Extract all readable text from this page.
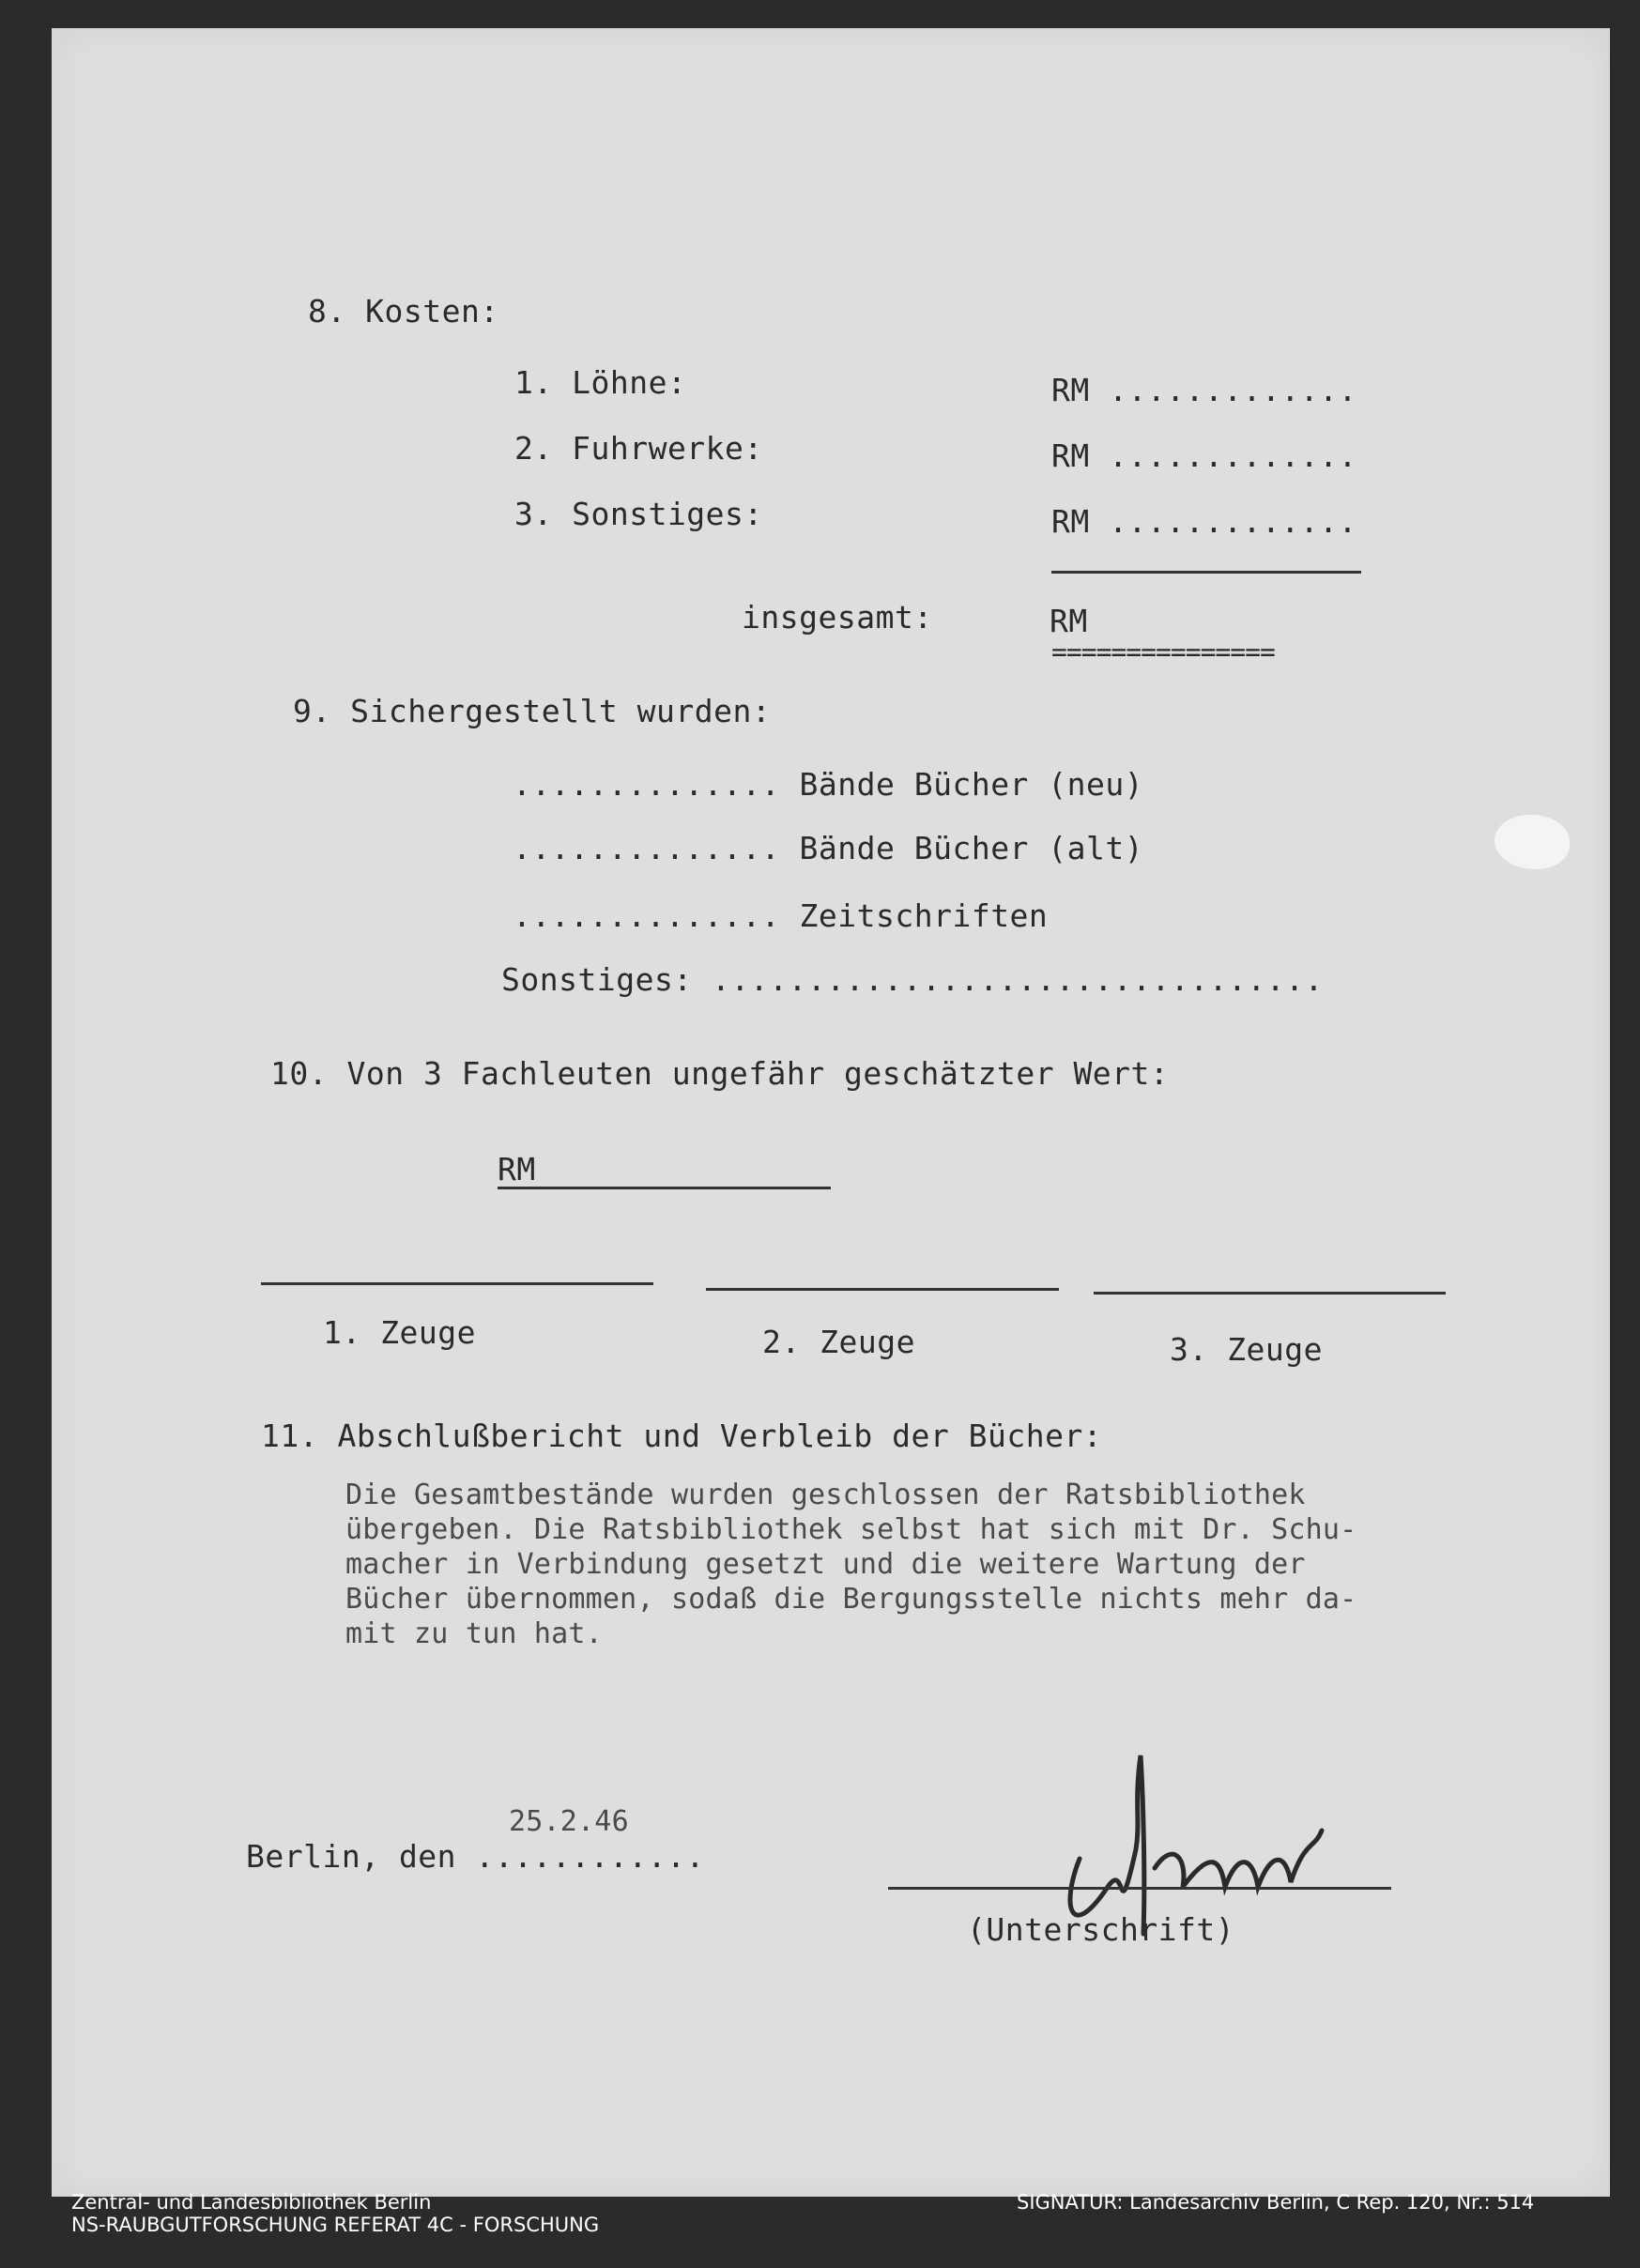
8. Kosten:
1. Löhne:	RM .............
2. Fuhrwerke:	RM .............
3. Sonstiges:	RM .............
insgesamt:	RM
===============
9. Sichergestellt wurden:
.............. Bände Bücher (neu)
.............. Bände Bücher (alt)
.............. Zeitschriften
Sonstiges: ................................
10. Von 3 Fachleuten ungefähr geschätzter Wert:
RM
1. Zeuge	2. Zeuge	3. Zeuge
11. Abschlußbericht und Verbleib der Bücher:
Die Gesamtbestände wurden geschlossen der Ratsbibliothek
übergeben. Die Ratsbibliothek selbst hat sich mit Dr. Schu-
macher in Verbindung gesetzt und die weitere Wartung der
Bücher übernommen, sodaß die Bergungsstelle nichts mehr da-
mit zu tun hat.
25.2.46
Berlin, den ............
(Unterschrift)
Zentral- und Landesbibliothek Berlin
NS-RAUBGUTFORSCHUNG REFERAT 4C - FORSCHUNG
SIGNATUR: Landesarchiv Berlin, C Rep. 120, Nr.: 514
